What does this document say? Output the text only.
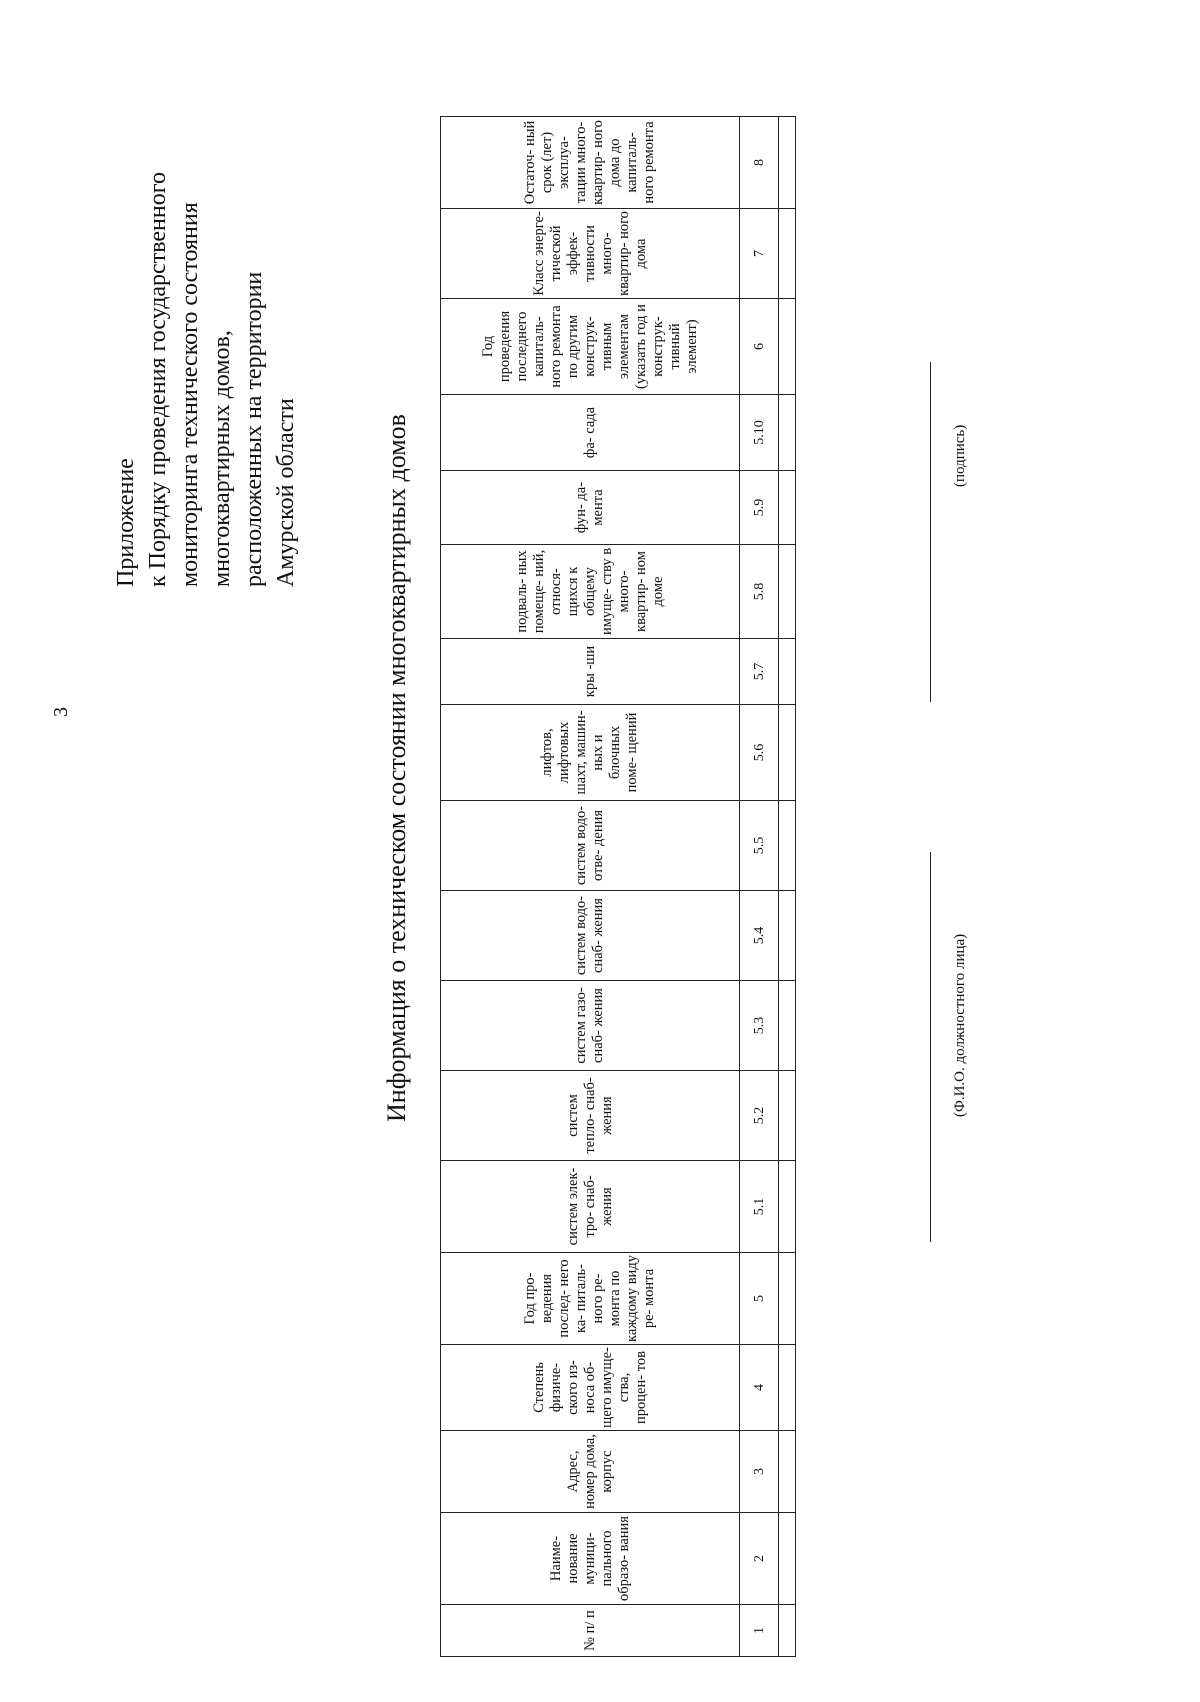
3
Приложение к Порядку проведения государственного мониторинга технического состояния многоквартирных домов, расположенных на территории Амурской области	Информация о техническом состоянии многоквартирных домов
№ п/ п	Наиме- нование муници- пального образо- вания	Адрес, номер дома, корпус	Степень физиче- ского из- носа об- щего имуще- ства, процен- тов	Год про- ведения послед- него ка- питаль- ного ре- монта по каждому виду ре- монта	систем элек- тро- снаб- жения	систем тепло- снаб- жения	систем газо- снаб- жения	систем водо- снаб- жения	систем водо- отве- дения	лифтов, лифтовых шахт, машин- ных и блочных поме- щений	кры -ши	подваль- ных помеще- ний, относя- щихся к общему имуще- ству в много- квартир- ном доме	фун- да- мента	фа- сада	Год проведения последнего капиталь- ного ремонта по другим конструк- тивным элементам (указать год и конструк- тивный элемент)	Класс энерге- тической эффек- тивности много- квартир- ного дома	Остаточ- ный срок (лет) эксплуа- тации много- квартир- ного дома до капиталь- ного ремонта
1	2	3	4	5	5.1	5.2	5.3	5.4	5.5	5.6	5.7	5.8	5.9	5.10	6	7	8

(Ф.И.О. должностного лица)
(подпись)
